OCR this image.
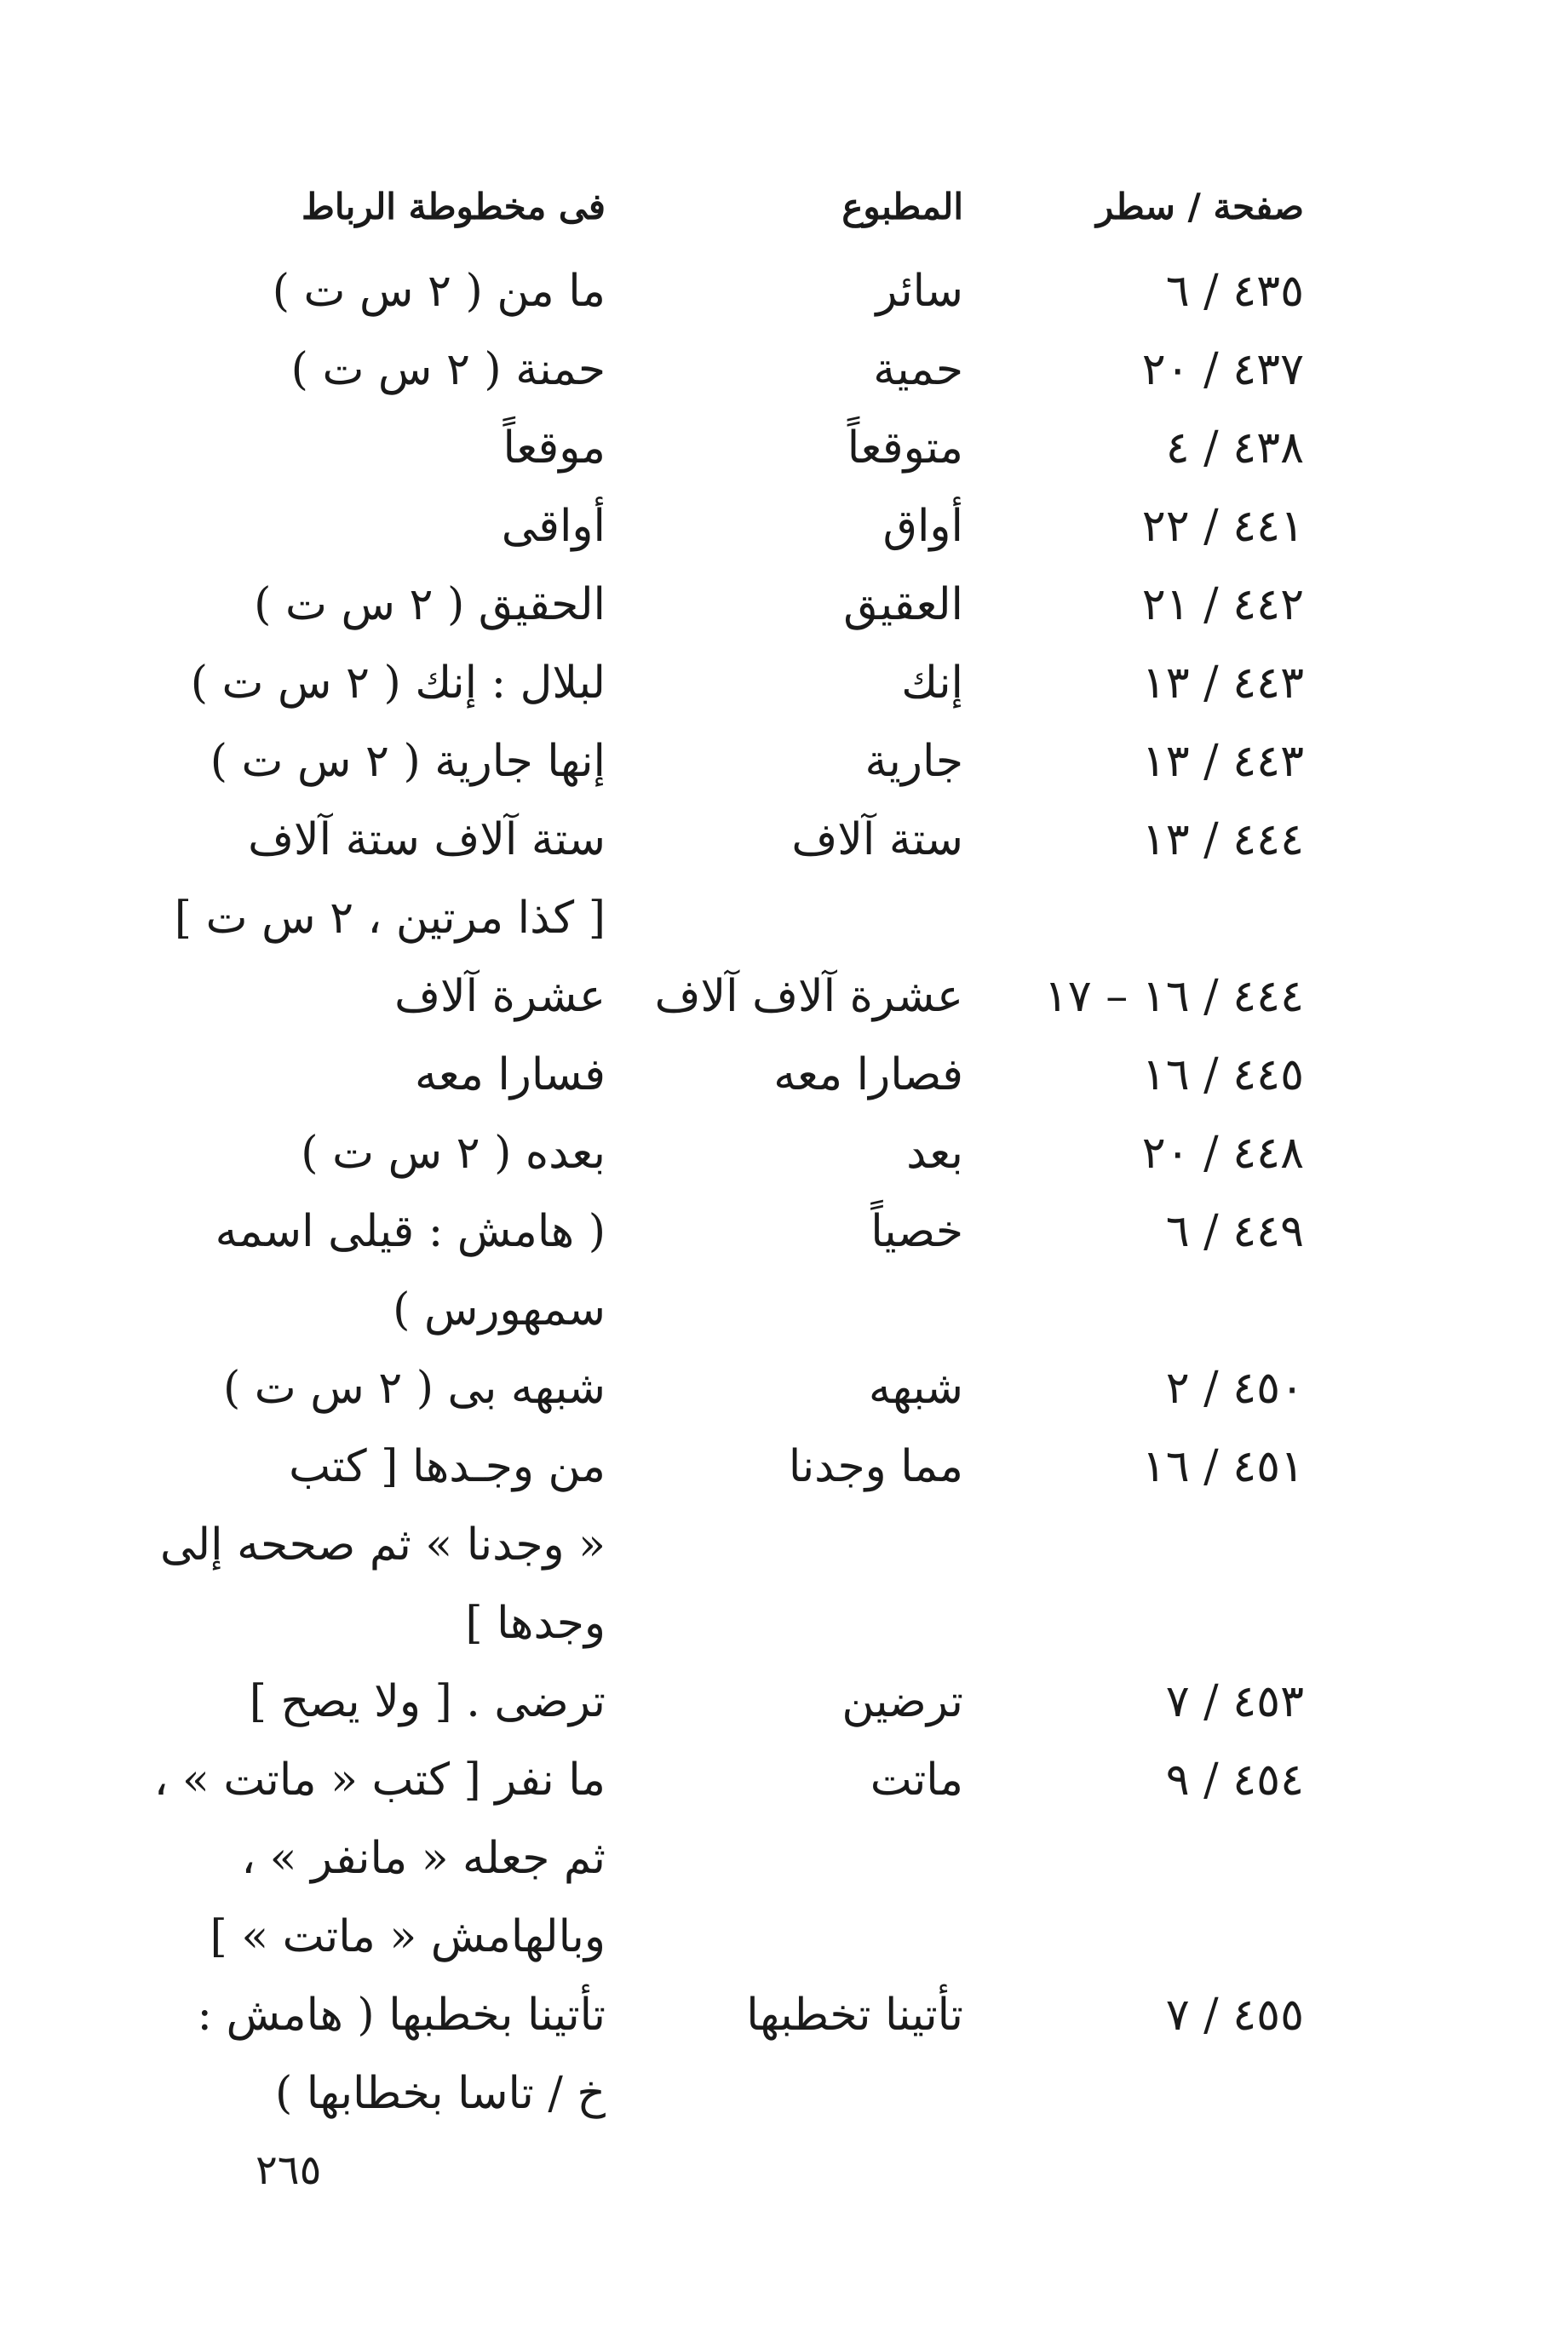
صفحة / سطر
المطبوع
فى مخطوطة الرباط
٤٣٥ / ٦
سائر
ما من ( ٢ س ت )
٤٣٧ / ٢٠
حمية
حمنة ( ٢ س ت )
٤٣٨ / ٤
متوقعاً
موقعاً
٤٤١ / ٢٢
أواق
أواقى
٤٤٢ / ٢١
العقيق
الحقيق ( ٢ س ت )
٤٤٣ / ١٣
إنك
لبلال : إنك ( ٢ س ت )
٤٤٣ / ١٣
جارية
إنها جارية ( ٢ س ت )
٤٤٤ / ١٣
ستة آلاف
ستة آلاف ستة آلاف
[ كذا مرتين ، ٢ س ت ]
٤٤٤ / ١٦ – ١٧
عشرة آلاف آلاف
عشرة آلاف
٤٤٥ / ١٦
فصارا معه
فسارا معه
٤٤٨ / ٢٠
بعد
بعده ( ٢ س ت )
٤٤٩ / ٦
خصياً
( هامش : قيلى اسمه
سمهورس )
٤٥٠ / ٢
شبهه
شبهه بى ( ٢ س ت )
٤٥١ / ١٦
مما وجدنا
من وجـدها [ كتب
« وجدنا » ثم صححه إلى
وجدها ]
٤٥٣ / ٧
ترضين
ترضى . [ ولا يصح ]
٤٥٤ / ٩
ماتت
ما نفر [ كتب « ماتت » ،
ثم جعله « مانفر » ،
وبالهامش « ماتت » ]
٤٥٥ / ٧
تأتينا تخطبها
تأتينا بخطبها ( هامش :
خ / تاسا بخطابها )
٢٦٥
